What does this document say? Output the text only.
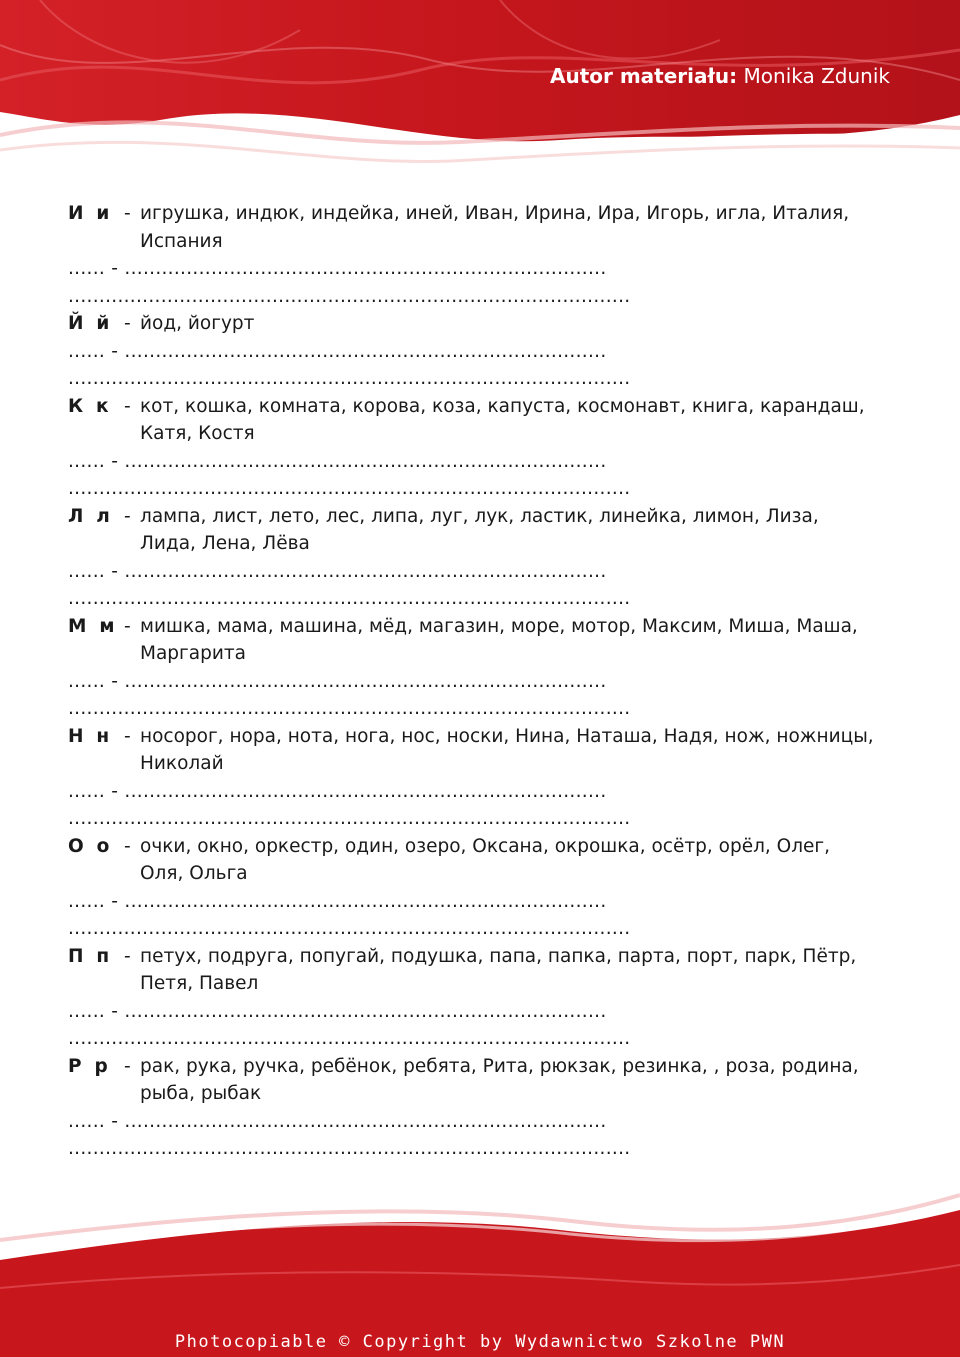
Autor materiału: Monika Zdunik
И и - игрушка, индюк, индейка, иней, Иван, Ирина, Ира, Игорь, игла, Италия,
Испания
...... - ..............................................................................
...........................................................................................
Й й - йод, йогурт
...... - ..............................................................................
...........................................................................................
К к - кот, кошка, комната, корова, коза, капуста, космонавт, книга, карандаш,
Катя, Костя
...... - ..............................................................................
...........................................................................................
Л л - лампа, лист, лето, лес, липа, луг, лук, ластик, линейка, лимон, Лиза,
Лида, Лена, Лёва
...... - ..............................................................................
...........................................................................................
М м - мишка, мама, машина, мёд, магазин, море, мотор, Максим, Миша, Маша,
Маргарита
...... - ..............................................................................
...........................................................................................
Н н - носорог, нора, нота, нога, нос, носки, Нина, Наташа, Надя, нож, ножницы,
Николай
...... - ..............................................................................
...........................................................................................
О о - очки, окно, оркестр, один, озеро, Оксана, окрошка, осётр, орёл, Олег,
Оля, Ольга
...... - ..............................................................................
...........................................................................................
П п - петух, подруга, попугай, подушка, папа, папка, парта, порт, парк, Пётр,
Петя, Павел
...... - ..............................................................................
...........................................................................................
Р р - рак, рука, ручка, ребёнок, ребята, Рита, рюкзак, резинка, , роза, родина,
рыба, рыбак
...... - ..............................................................................
...........................................................................................
Photocopiable © Copyright by Wydawnictwo Szkolne PWN
